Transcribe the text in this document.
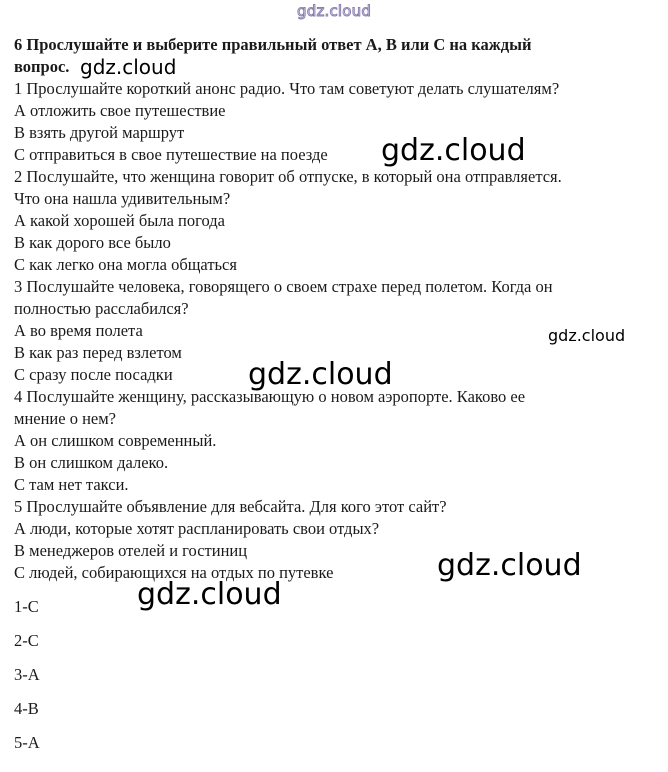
gdz.cloud
6 Прослушайте и выберите правильный ответ А, В или С на каждый
вопрос. gdz.cloud
1 Прослушайте короткий анонс радио. Что там советуют делать слушателям?
А отложить свое путешествие
В взять другой маршрут
С отправиться в свое путешествие на поезде gdz.cloud
2 Послушайте, что женщина говорит об отпуске, в который она отправляется.
Что она нашла удивительным?
А какой хорошей была погода
В как дорого все было
С как легко она могла общаться
3 Послушайте человека, говорящего о своем страхе перед полетом. Когда он
полностью расслабился?
А во время полета	gdz.cloud
В как раз перед взлетом
С сразу после посадки	gdz.cloud
4 Послушайте женщину, рассказывающую о новом аэропорте. Каково ее
мнение о нем?
А он слишком современный.
В он слишком далеко.
С там нет такси.
5 Прослушайте объявление для вебсайта. Для кого этот сайт?
А люди, которые хотят распланировать свои отдых?
В менеджеров отелей и гостиниц
С людей, собирающихся на отдых по путевке	gdz.cloud
gdz.cloud
1-С
2-С
3-А
4-В
5-А
